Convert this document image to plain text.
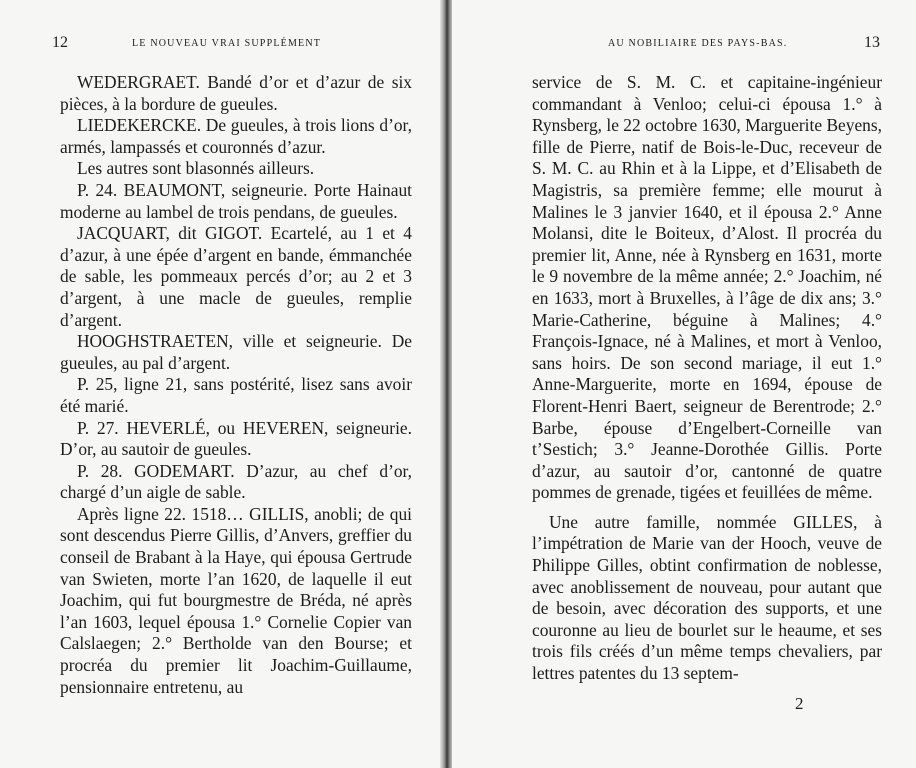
12	LE NOUVEAU VRAI SUPPLÉMENT

WEDERGRAET. Bandé d’or et d’azur de six pièces, à la bordure de gueules.

LIEDEKERCKE. De gueules, à trois lions d’or, armés, lampassés et couronnés d’azur.

Les autres sont blasonnés ailleurs.

P. 24. BEAUMONT, seigneurie. Porte Hainaut moderne au lambel de trois pendans, de gueules.

JACQUART, dit GIGOT. Ecartelé, au 1 et 4 d’azur, à une épée d’argent en bande, émmanchée de sable, les pommeaux percés d’or; au 2 et 3 d’argent, à une macle de gueules, remplie d’argent.

HOOGHSTRAETEN, ville et seigneurie. De gueules, au pal d’argent.

P. 25, ligne 21, sans postérité, lisez sans avoir été marié.

P. 27. HEVERLÉ, ou HEVEREN, seigneurie. D’or, au sautoir de gueules.

P. 28. GODEMART. D’azur, au chef d’or, chargé d’un aigle de sable.

Après ligne 22. 1518… GILLIS, anobli; de qui sont descendus Pierre Gillis, d’Anvers, greffier du conseil de Brabant à la Haye, qui épousa Gertrude van Swieten, morte l’an 1620, de laquelle il eut Joachim, qui fut bourgmestre de Bréda, né après l’an 1603, lequel épousa 1.° Cornelie Copier van Calslaegen; 2.° Bertholde van den Bourse; et procréa du premier lit Joachim-Guillaume, pensionnaire entretenu, au

AU NOBILIAIRE DES PAYS-BAS.	13

service de S. M. C. et capitaine-ingénieur commandant à Venloo; celui-ci épousa 1.° à Rynsberg, le 22 octobre 1630, Marguerite Beyens, fille de Pierre, natif de Bois-le-Duc, receveur de S. M. C. au Rhin et à la Lippe, et d’Elisabeth de Magistris, sa première femme; elle mourut à Malines le 3 janvier 1640, et il épousa 2.° Anne Molansi, dite le Boiteux, d’Alost. Il procréa du premier lit, Anne, née à Rynsberg en 1631, morte le 9 novembre de la même année; 2.° Joachim, né en 1633, mort à Bruxelles, à l’âge de dix ans; 3.° Marie-Catherine, béguine à Malines; 4.° François-Ignace, né à Malines, et mort à Venloo, sans hoirs. De son second mariage, il eut 1.° Anne-Marguerite, morte en 1694, épouse de Florent-Henri Baert, seigneur de Berentrode; 2.° Barbe, épouse d’Engelbert-Corneille van t’Sestich; 3.° Jeanne-Dorothée Gillis. Porte d’azur, au sautoir d’or, cantonné de quatre pommes de grenade, tigées et feuillées de même.

Une autre famille, nommée GILLES, à l’impétration de Marie van der Hooch, veuve de Philippe Gilles, obtint confirmation de noblesse, avec anoblissement de nouveau, pour autant que de besoin, avec décoration des supports, et une couronne au lieu de bourlet sur le heaume, et ses trois fils créés d’un même temps chevaliers, par lettres patentes du 13 septem-

2
